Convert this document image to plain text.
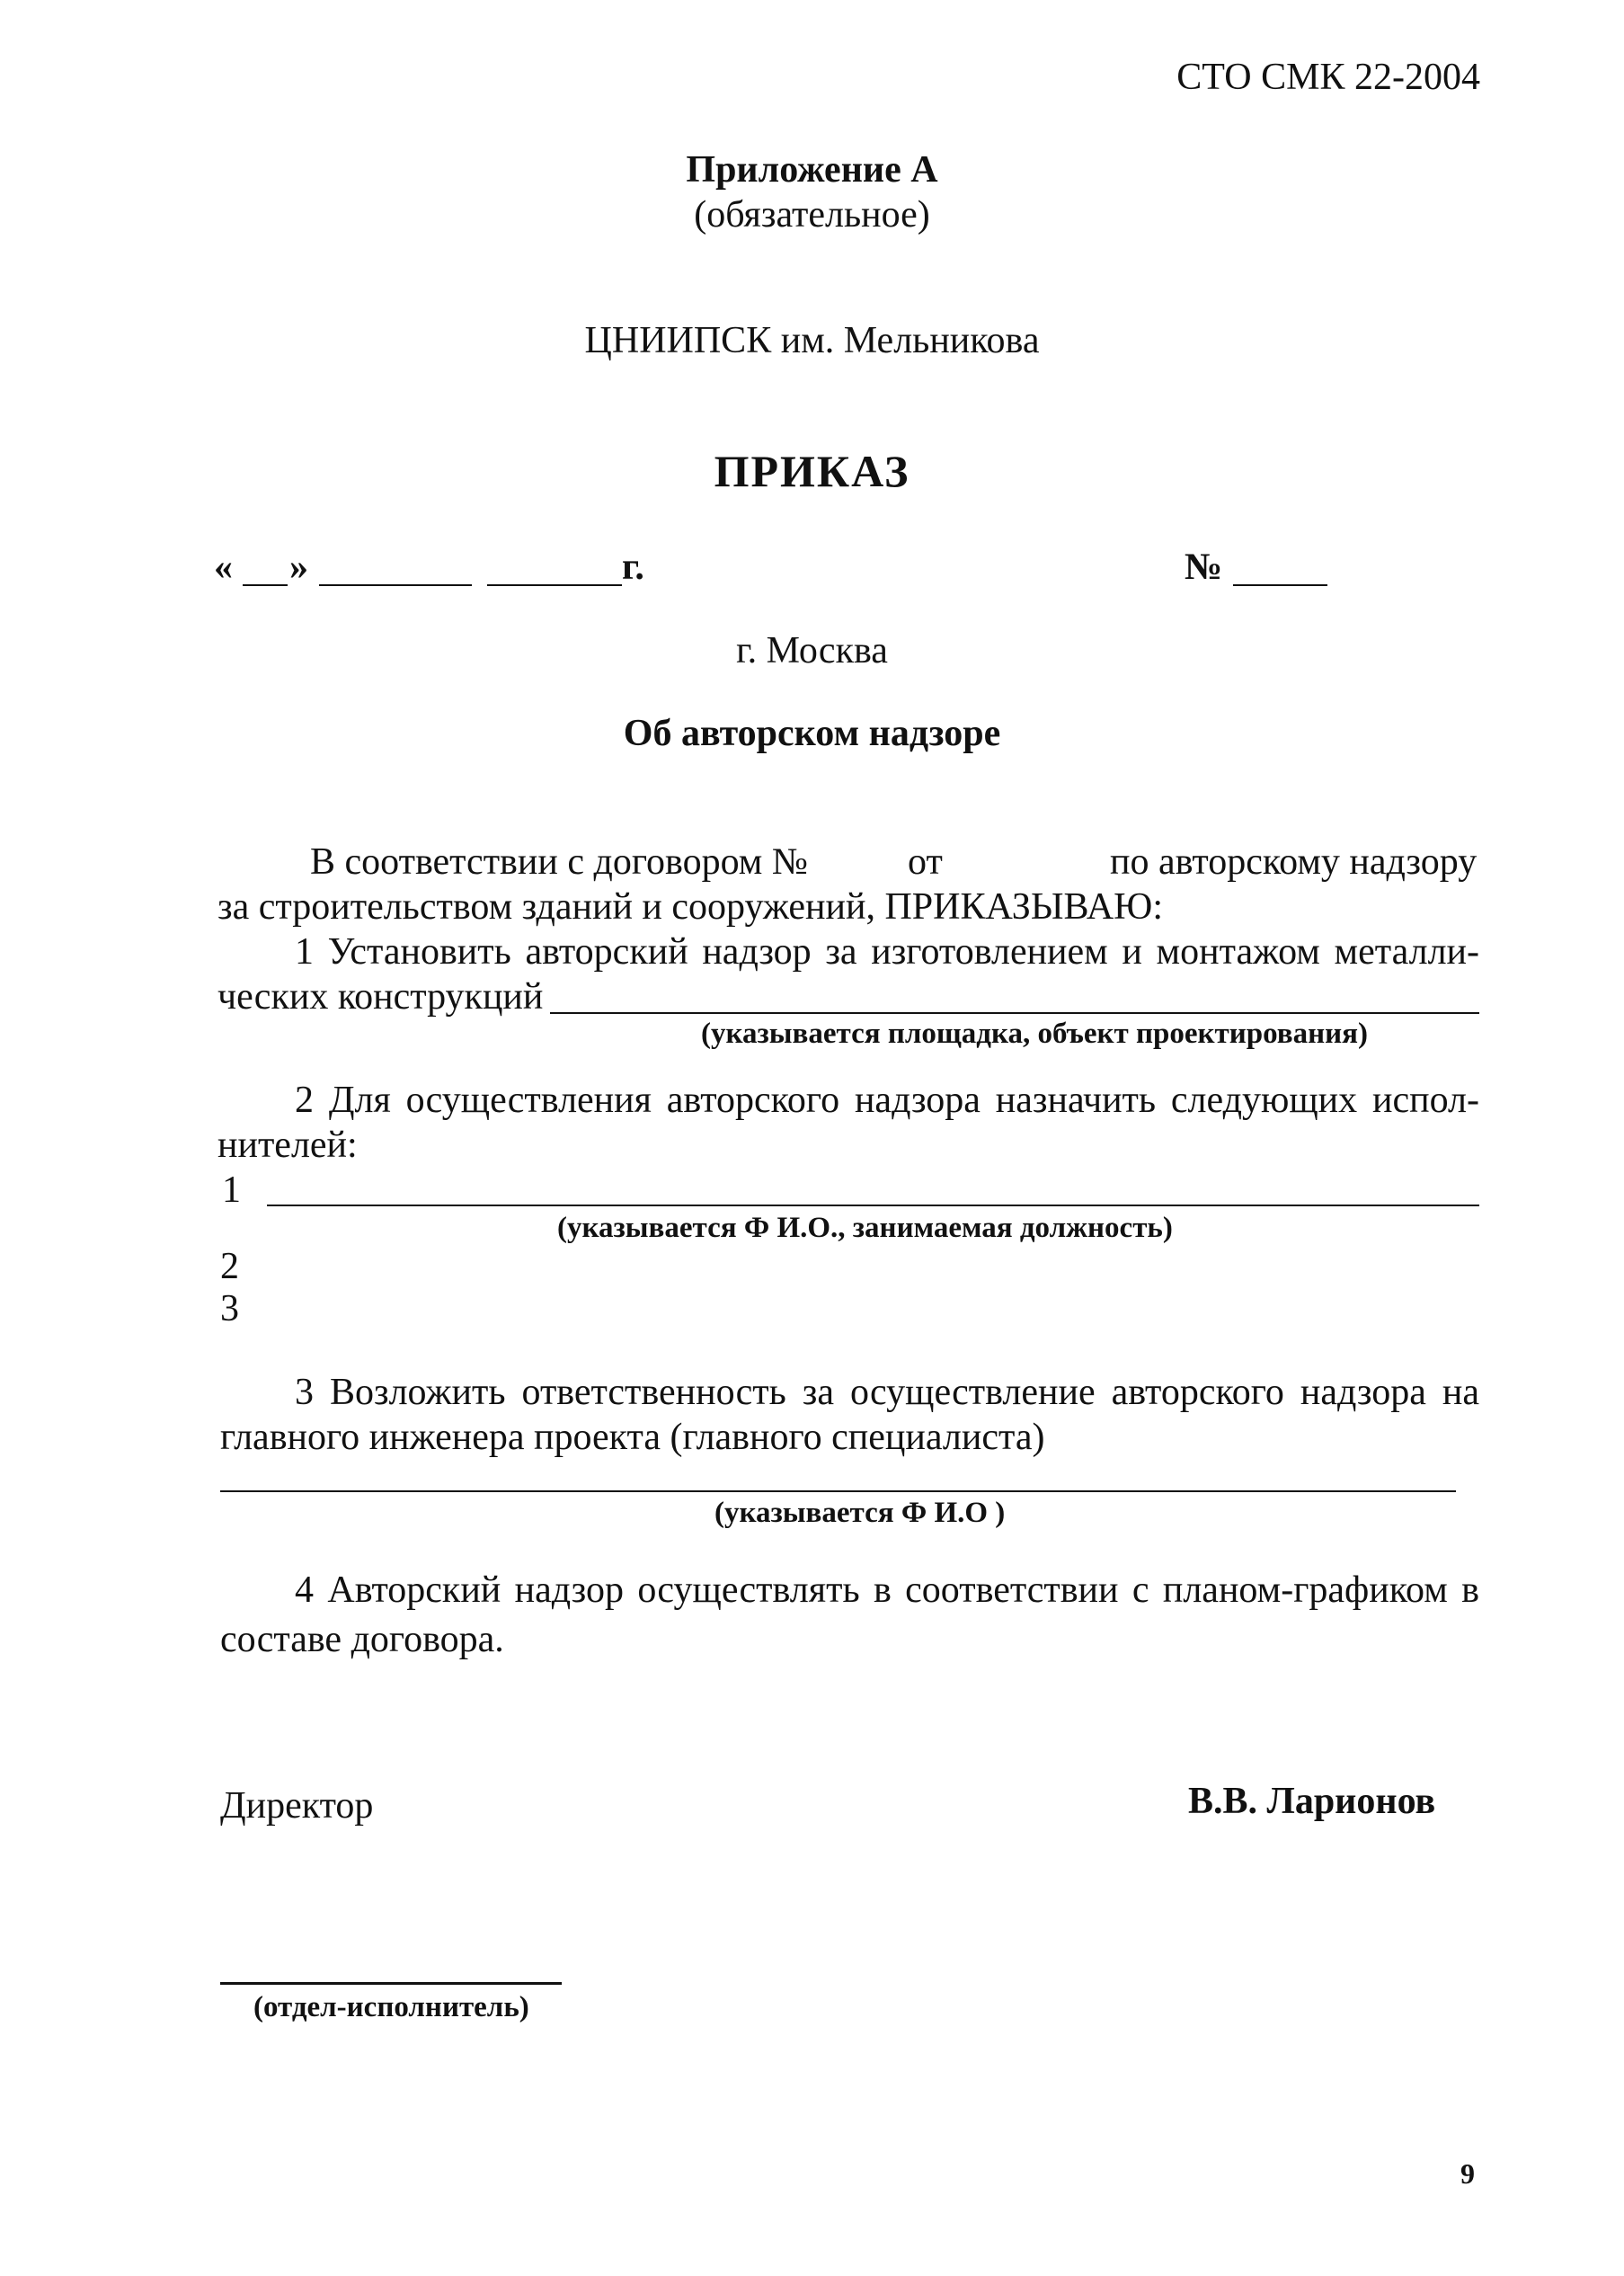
СТО СМК 22-2004
Приложение А
(обязательное)
ЦНИИПСК им. Мельникова
ПРИКАЗ
« »	г.	№
г. Москва
Об авторском надзоре
В соответствии с договором №	от	по авторскому надзору
за строительством зданий и сооружений, ПРИКАЗЫВАЮ:
1 Установить авторский надзор за изготовлением и монтажом металли-
ческих конструкций
(указывается площадка, объект проектирования)
2 Для осуществления авторского надзора назначить следующих испол-
нителей:
1
(указывается Ф И.О., занимаемая должность)
2
3
3 Возложить ответственность за осуществление авторского надзора на
главного инженера проекта (главного специалиста)
(указывается Ф И.О )
4 Авторский надзор осуществлять в соответствии с планом-графиком в
составе договора.
Директор	В.В. Ларионов
(отдел-исполнитель)
9
